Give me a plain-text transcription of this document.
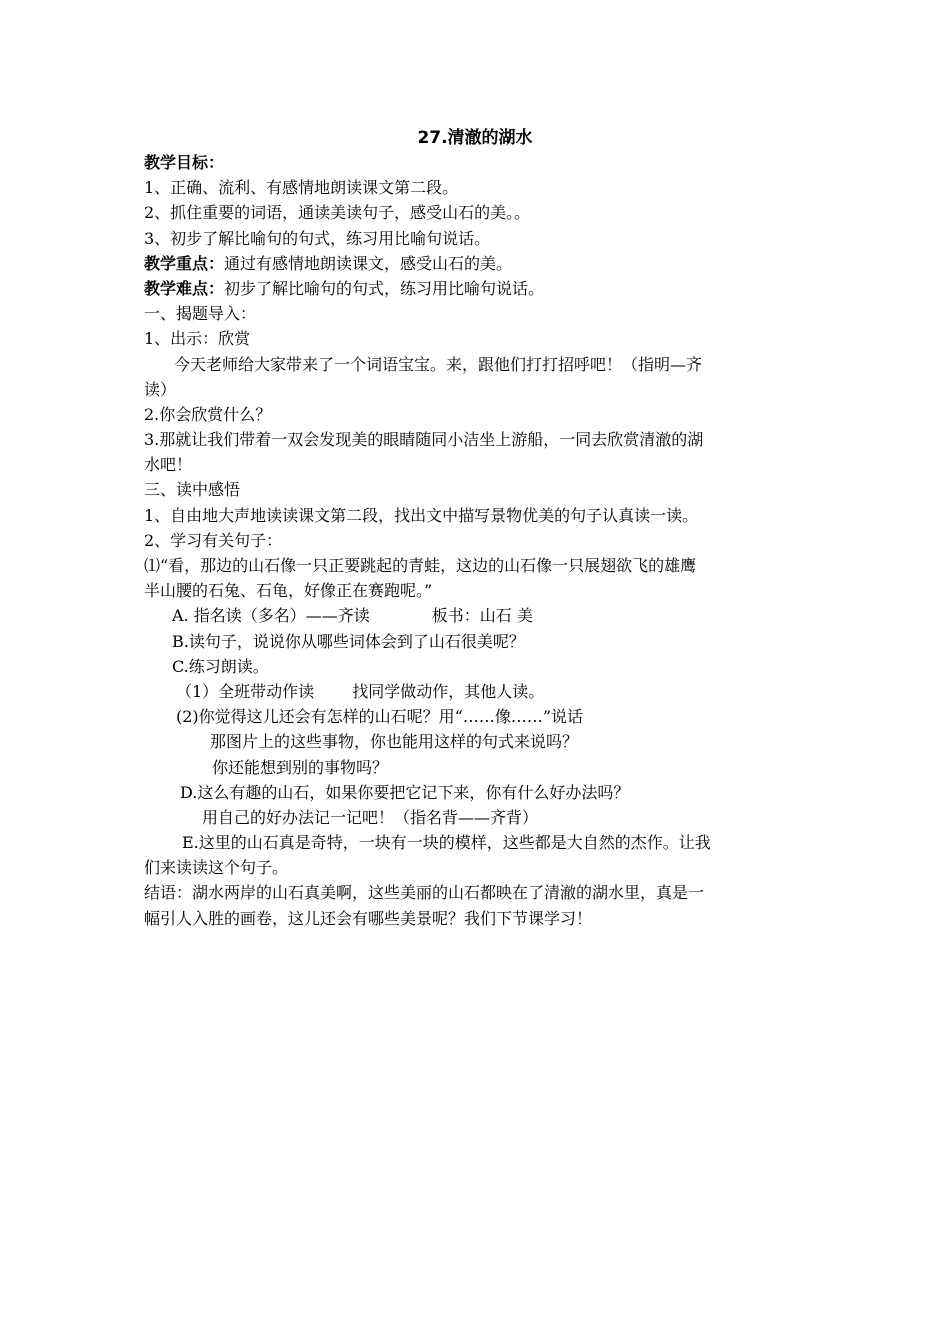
27.清澈的湖水
教学目标：
1、正确、流利、有感情地朗读课文第二段。
2、抓住重要的词语，通读美读句子，感受山石的美。。
3、初步了解比喻句的句式，练习用比喻句说话。
教学重点：通过有感情地朗读课文，感受山石的美。
教学难点：初步了解比喻句的句式，练习用比喻句说话。
一、揭题导入：
1、出示：欣赏
今天老师给大家带来了一个词语宝宝。来，跟他们打打招呼吧！（指明—齐
读）
2.你会欣赏什么？
3.那就让我们带着一双会发现美的眼睛随同小洁坐上游船，一同去欣赏清澈的湖
水吧！
三、读中感悟
1、自由地大声地读读课文第二段，找出文中描写景物优美的句子认真读一读。
2、学习有关句子：
⑴“看，那边的山石像一只正要跳起的青蛙，这边的山石像一只展翅欲飞的雄鹰
半山腰的石兔、石龟，好像正在赛跑呢。”
A. 指名读（多名）——齐读	板书：山石 美
B.读句子，说说你从哪些词体会到了山石很美呢？
C.练习朗读。
（1）全班带动作读 找同学做动作，其他人读。
(2)你觉得这儿还会有怎样的山石呢？用“……像……”说话
那图片上的这些事物，你也能用这样的句式来说吗？
你还能想到别的事物吗？
D.这么有趣的山石，如果你要把它记下来，你有什么好办法吗？
用自己的好办法记一记吧！（指名背——齐背）
E.这里的山石真是奇特，一块有一块的模样，这些都是大自然的杰作。让我
们来读读这个句子。
结语：湖水两岸的山石真美啊，这些美丽的山石都映在了清澈的湖水里，真是一
幅引人入胜的画卷，这儿还会有哪些美景呢？我们下节课学习！
